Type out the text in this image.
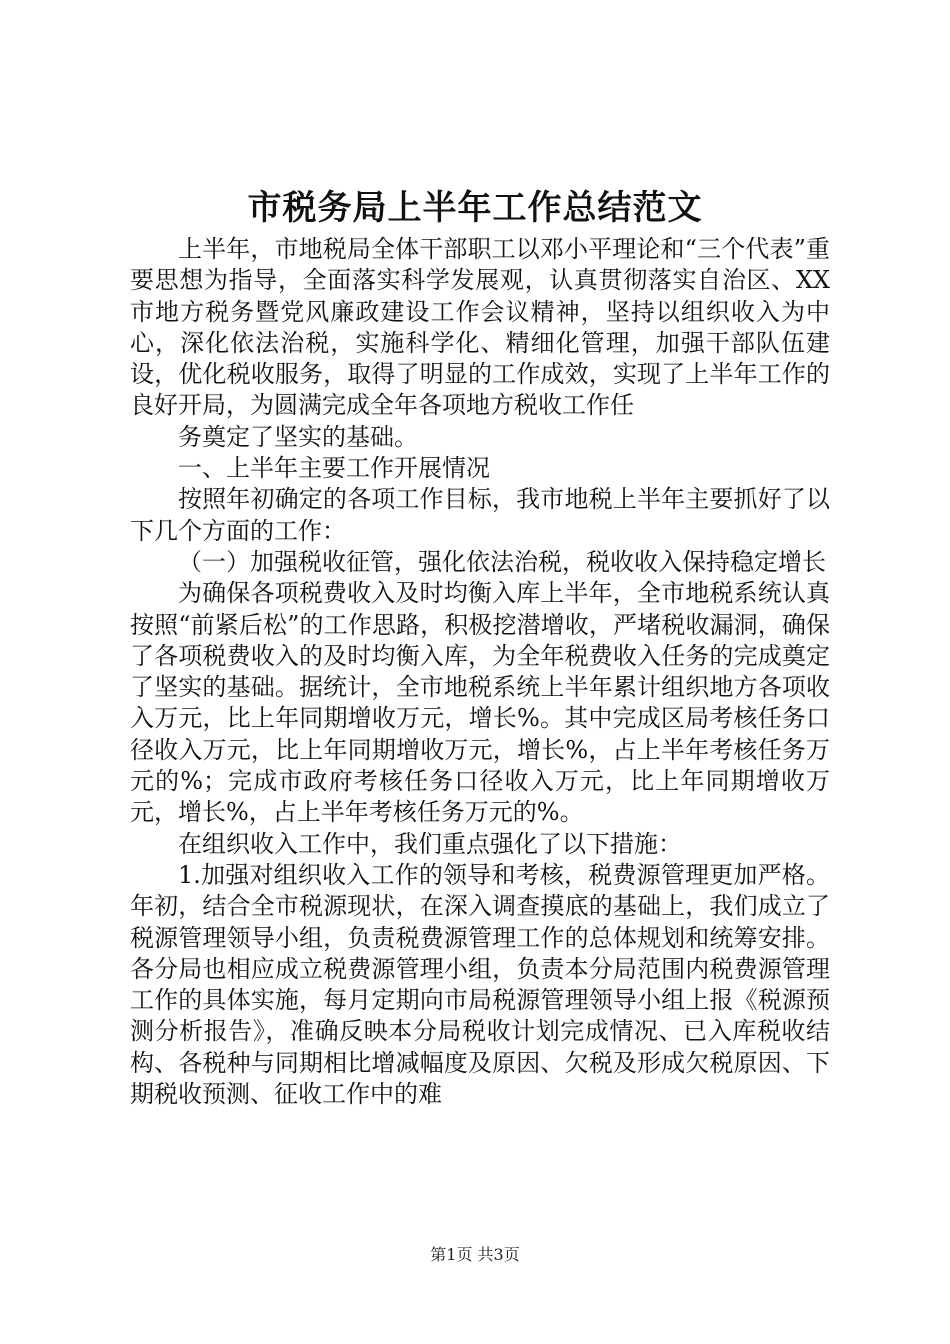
市税务局上半年工作总结范文

上半年，市地税局全体干部职工以邓小平理论和“三个代表”重要思想为指导，全面落实科学发展观，认真贯彻落实自治区、XX市地方税务暨党风廉政建设工作会议精神，坚持以组织收入为中心，深化依法治税，实施科学化、精细化管理，加强干部队伍建设，优化税收服务，取得了明显的工作成效，实现了上半年工作的良好开局，为圆满完成全年各项地方税收工作任

务奠定了坚实的基础。

一、上半年主要工作开展情况

按照年初确定的各项工作目标，我市地税上半年主要抓好了以下几个方面的工作：

（一）加强税收征管，强化依法治税，税收收入保持稳定增长

为确保各项税费收入及时均衡入库上半年，全市地税系统认真按照“前紧后松”的工作思路，积极挖潜增收，严堵税收漏洞，确保了各项税费收入的及时均衡入库，为全年税费收入任务的完成奠定了坚实的基础。据统计，全市地税系统上半年累计组织地方各项收入万元，比上年同期增收万元，增长%。其中完成区局考核任务口径收入万元，比上年同期增收万元，增长%，占上半年考核任务万元的%；完成市政府考核任务口径收入万元，比上年同期增收万元，增长%，占上半年考核任务万元的%。

在组织收入工作中，我们重点强化了以下措施：

1.加强对组织收入工作的领导和考核，税费源管理更加严格。年初，结合全市税源现状，在深入调查摸底的基础上，我们成立了税源管理领导小组，负责税费源管理工作的总体规划和统筹安排。各分局也相应成立税费源管理小组，负责本分局范围内税费源管理工作的具体实施，每月定期向市局税源管理领导小组上报《税源预测分析报告》，准确反映本分局税收计划完成情况、已入库税收结构、各税种与同期相比增减幅度及原因、欠税及形成欠税原因、下期税收预测、征收工作中的难

第1页 共3页
